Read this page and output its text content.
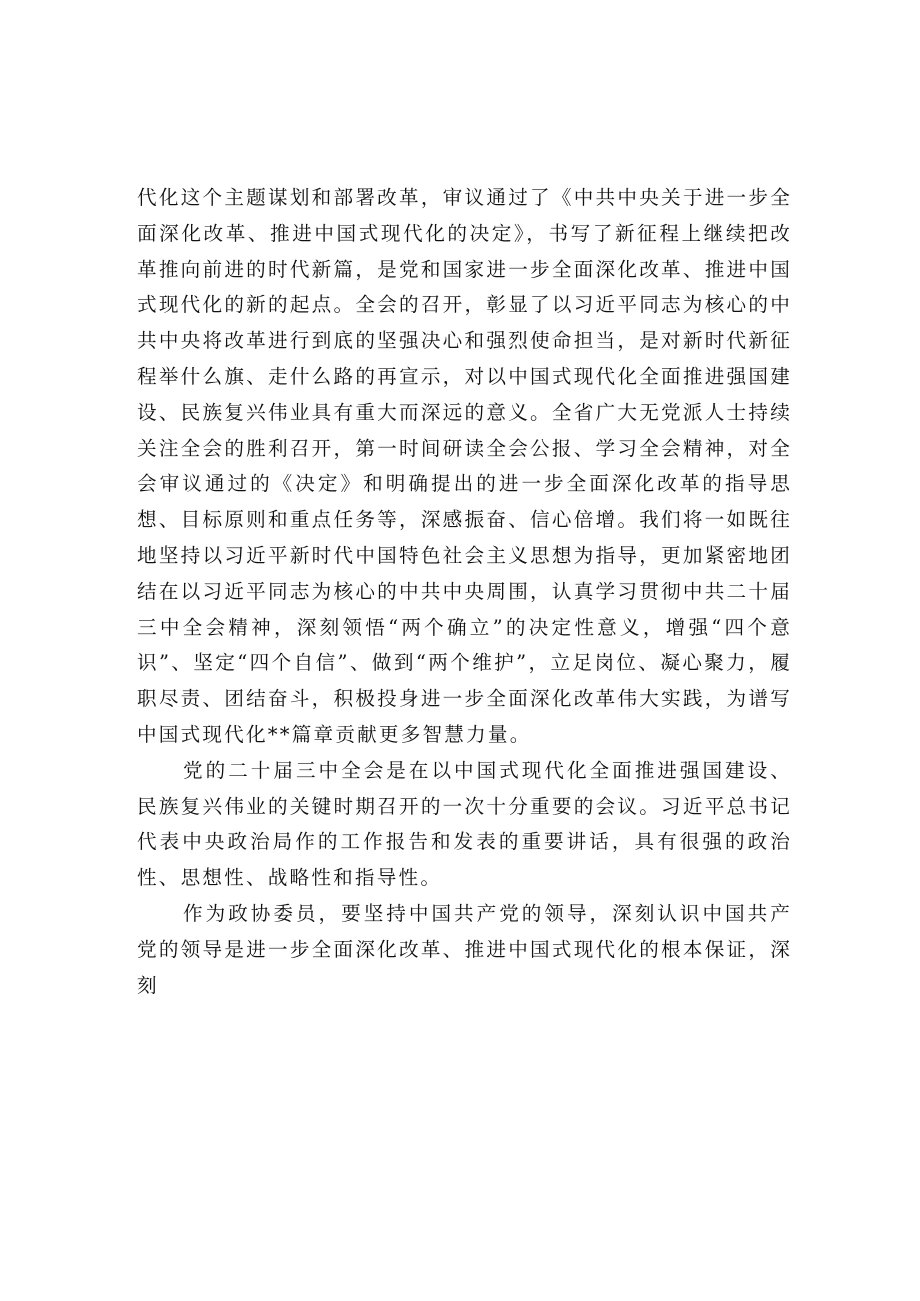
代化这个主题谋划和部署改革，审议通过了《中共中央关于进一步全面深化改革、推进中国式现代化的决定》，书写了新征程上继续把改革推向前进的时代新篇，是党和国家进一步全面深化改革、推进中国式现代化的新的起点。全会的召开，彰显了以习近平同志为核心的中共中央将改革进行到底的坚强决心和强烈使命担当，是对新时代新征程举什么旗、走什么路的再宣示，对以中国式现代化全面推进强国建设、民族复兴伟业具有重大而深远的意义。全省广大无党派人士持续关注全会的胜利召开，第一时间研读全会公报、学习全会精神，对全会审议通过的《决定》和明确提出的进一步全面深化改革的指导思想、目标原则和重点任务等，深感振奋、信心倍增。我们将一如既往地坚持以习近平新时代中国特色社会主义思想为指导，更加紧密地团结在以习近平同志为核心的中共中央周围，认真学习贯彻中共二十届三中全会精神，深刻领悟“两个确立”的决定性意义，增强“四个意识”、坚定“四个自信”、做到“两个维护”，立足岗位、凝心聚力，履职尽责、团结奋斗，积极投身进一步全面深化改革伟大实践，为谱写中国式现代化**篇章贡献更多智慧力量。

党的二十届三中全会是在以中国式现代化全面推进强国建设、民族复兴伟业的关键时期召开的一次十分重要的会议。习近平总书记代表中央政治局作的工作报告和发表的重要讲话，具有很强的政治性、思想性、战略性和指导性。

作为政协委员，要坚持中国共产党的领导，深刻认识中国共产党的领导是进一步全面深化改革、推进中国式现代化的根本保证，深刻
